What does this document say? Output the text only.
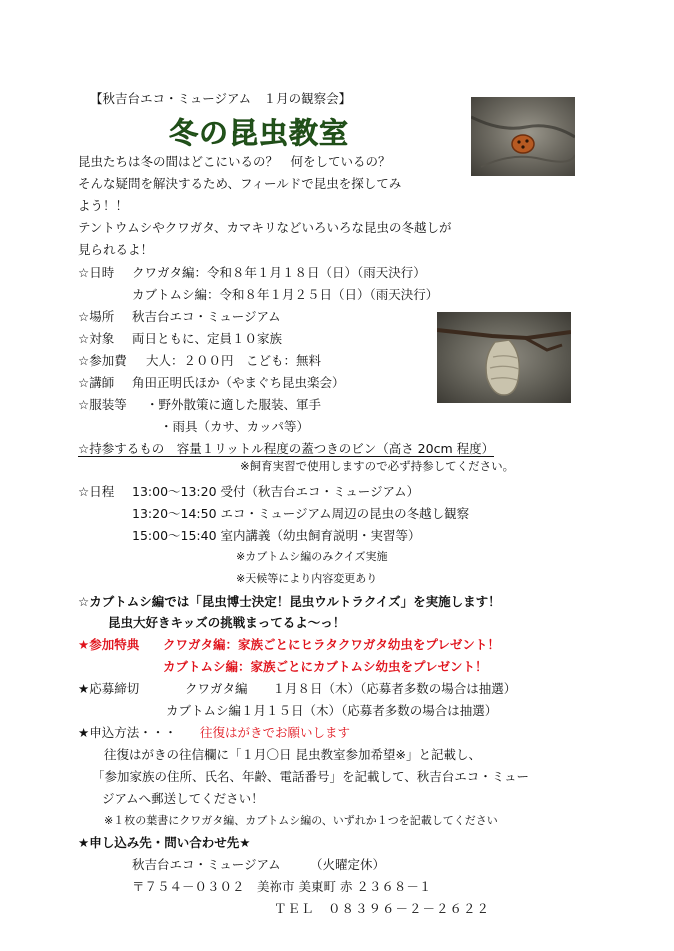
【秋吉台エコ・ミュージアム　１月の観察会】
冬の昆虫教室
昆虫たちは冬の間はどこにいるの？　何をしているの？
そんな疑問を解決するため、フィールドで昆虫を探してみ
よう！！
テントウムシやクワガタ、カマキリなどいろいろな昆虫の冬越しが
見られるよ！
☆日時 クワガタ編：令和８年１月１８日（日）（雨天決行）
カブトムシ編：令和８年１月２５日（日）（雨天決行）
☆場所 秋吉台エコ・ミュージアム
☆対象 両日ともに、定員１０家族
☆参加費 大人：２００円　こども：無料
☆講師 角田正明氏ほか（やまぐち昆虫楽会）
☆服装等 ・野外散策に適した服装、軍手
・雨具（カサ、カッパ等）
☆持参するもの　容量１リットル程度の蓋つきのビン（高さ 20cm 程度）
※飼育実習で使用しますので必ず持参してください。
☆日程 13:00～13:20 受付（秋吉台エコ・ミュージアム）
13:20～14:50 エコ・ミュージアム周辺の昆虫の冬越し観察
15:00～15:40 室内講義（幼虫飼育説明・実習等）
※カブトムシ編のみクイズ実施
※天候等により内容変更あり
☆カブトムシ編では「昆虫博士決定！昆虫ウルトラクイズ」を実施します！
昆虫大好きキッズの挑戦まってるよ～っ！
★参加特典 クワガタ編：家族ごとにヒラタクワガタ幼虫をプレゼント！
カブトムシ編：家族ごとにカブトムシ幼虫をプレゼント！
★応募締切	クワガタ編　　１月８日（木）（応募者多数の場合は抽選）
カブトムシ編１月１５日（木）（応募者多数の場合は抽選）
★申込方法・・・ 往復はがきでお願いします
往復はがきの往信欄に「１月〇日 昆虫教室参加希望※」と記載し、
「参加家族の住所、氏名、年齢、電話番号」を記載して、秋吉台エコ・ミュー
ジアムへ郵送してください！
※１枚の葉書にクワガタ編、カブトムシ編の、いずれか１つを記載してください
★申し込み先・問い合わせ先★
秋吉台エコ・ミュージアム （火曜定休）
〒７５４－０３０２　美祢市 美東町 赤 ２３６８－１
ＴＥＬ　０８３９６－２－２６２２
